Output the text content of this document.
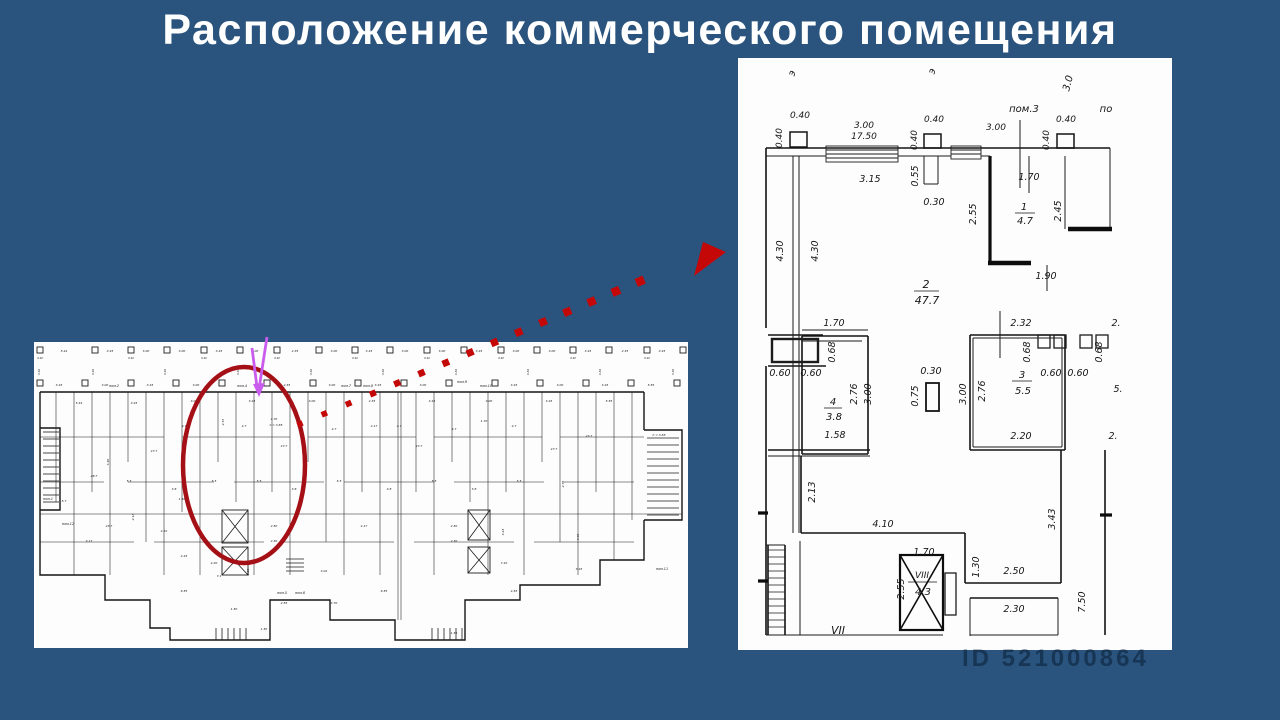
Расположение коммерческого помещения
5.44	3.45	3.00	3.00	3.45	3.00	2.35	3.00	3.45	3.00	3.00	3.45	3.00	3.00	3.45	2.35	3.45
0.40	0.40	0.40	0.40	0.40	0.40	0.40	0.40	0.40
3.30	3.30	3.30	3.30	3.30	3.30	3.30	3.30	3.30	3.30
3.45	3.00	3.45	3.00	2.35	3.00	3.45	3.00	3.45	3.00	3.45	5.55
5.44	3.45	3.00	3.45	3.00	2.35	3.45	3.00	3.45	5.55
4.7
2.55
4.7
1.70
4.7
2.17	4.7
4.7
1.70
4.7
23.7
47.7
5.30
47.7	47.7
47.7
28.7
5.5
3.8
5.5	5.5
1.58
3.8
5.5
3.8
5.5
3.8
5.5	2.76
2.13
23.7
4.10
2.50
2.30
4.17	2.50
3.43
2.30
7.50
5.7
3.17
2.45
4.20
7.1
2.55	3.02
6.55
1.50
2.55	3.70
1.50
6.55
1.50
4.55
3.45
7.10
пом.2	пом.4	пом.7	пом.8
пом.9
пом.10
пом.1
пом.12
пом.5 пом.6
пом.11
h = 3.85
h = 3.85
э	э
3.0
0.40
0.40
3.00
17.50
0.40
0.40
3.00
0.40
0.40
3.15	0.55
0.30
2.55
1.70
2.45
1.90
4.30	4.30
1.70
0.68
0.60 0.60
2.76 3.00
1.58
0.30
0.75
2.32
0.68
0.60 0.60
0.68
2.76
3.00
2.20
2.
5.
2.
2.13
4.10	3.43
1.30 2.50
2.30	7.50
1.70
2.55
VII
1
4.7
2
47.7
3
5.5
4
3.8
VIII
4.3
пом.3	по
ID 521000864
